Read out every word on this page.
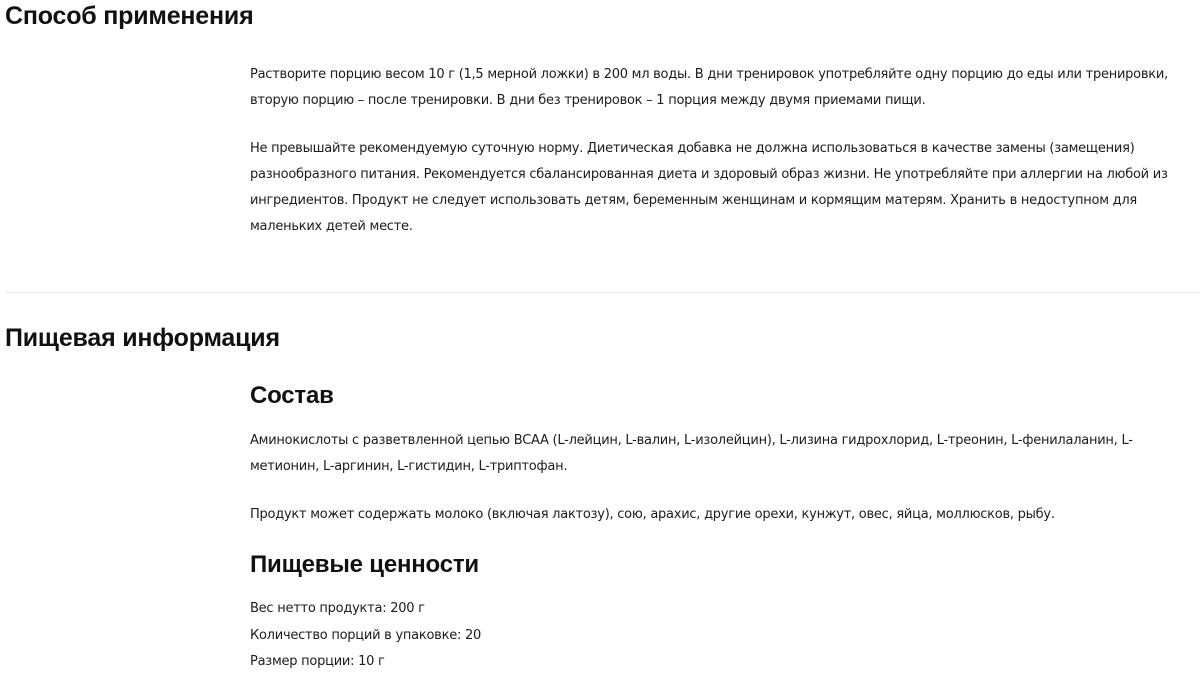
Способ применения

Растворите порцию весом 10 г (1,5 мерной ложки) в 200 мл воды. В дни тренировок употребляйте одну порцию до еды или тренировки, вторую порцию – после тренировки. В дни без тренировок – 1 порция между двумя приемами пищи.

Не превышайте рекомендуемую суточную норму. Диетическая добавка не должна использоваться в качестве замены (замещения) разнообразного питания. Рекомендуется сбалансированная диета и здоровый образ жизни. Не употребляйте при аллергии на любой из ингредиентов. Продукт не следует использовать детям, беременным женщинам и кормящим матерям. Хранить в недоступном для маленьких детей месте.

Пищевая информация
Состав

Аминокислоты с разветвленной цепью BCAA (L-лейцин, L-валин, L-изолейцин), L-лизина гидрохлорид, L-треонин, L-фенилаланин, L-метионин, L-аргинин, L-гистидин, L-триптофан.

Продукт может содержать молоко (включая лактозу), сою, арахис, другие орехи, кунжут, овес, яйца, моллюсков, рыбу.

Пищевые ценности
Вес нетто продукта: 200 г
Количество порций в упаковке: 20
Размер порции: 10 г
